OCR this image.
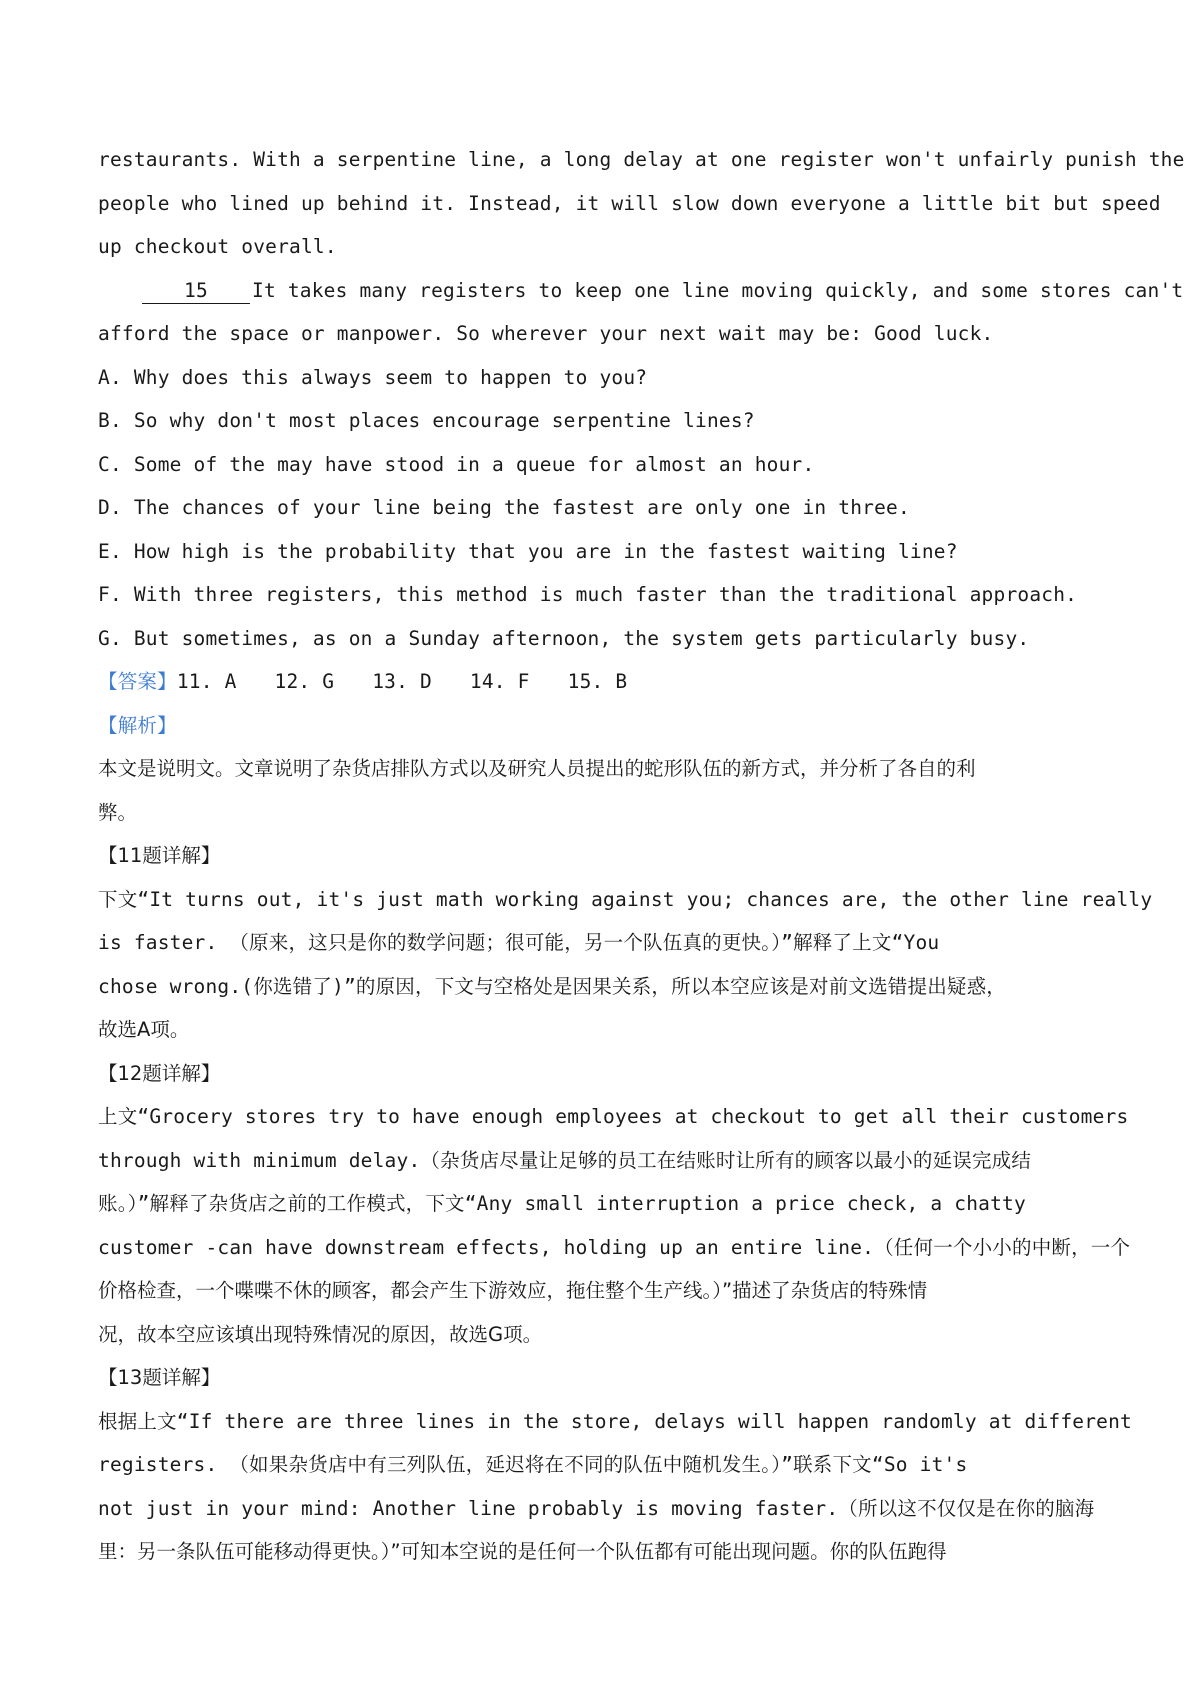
restaurants. With a serpentine line, a long delay at one register won't unfairly punish the
people who lined up behind it. Instead, it will slow down everyone a little bit but speed
up checkout overall.
15 It takes many registers to keep one line moving quickly, and some stores can't
afford the space or manpower. So wherever your next wait may be: Good luck.
A. Why does this always seem to happen to you?
B. So why don't most places encourage serpentine lines?
C. Some of the may have stood in a queue for almost an hour.
D. The chances of your line being the fastest are only one in three.
E. How high is the probability that you are in the fastest waiting line?
F. With three registers, this method is much faster than the traditional approach.
G. But sometimes, as on a Sunday afternoon, the system gets particularly busy.
【答案】11. A 12. G 13. D 14. F 15. B
【解析】
本文是说明文。文章说明了杂货店排队方式以及研究人员提出的蛇形队伍的新方式，并分析了各自的利
弊。
【11题详解】
下文“It turns out, it's just math working against you; chances are, the other line really
is faster. （原来，这只是你的数学问题；很可能，另一个队伍真的更快。）”解释了上文“You
chose wrong.(你选错了)”的原因，下文与空格处是因果关系，所以本空应该是对前文选错提出疑惑，
故选A项。
【12题详解】
上文“Grocery stores try to have enough employees at checkout to get all their customers
through with minimum delay.（杂货店尽量让足够的员工在结账时让所有的顾客以最小的延误完成结
账。）”解释了杂货店之前的工作模式，下文“Any small interruption a price check, a chatty
customer -can have downstream effects, holding up an entire line.（任何一个小小的中断，一个
价格检查，一个喋喋不休的顾客，都会产生下游效应，拖住整个生产线。）”描述了杂货店的特殊情
况，故本空应该填出现特殊情况的原因，故选G项。
【13题详解】
根据上文“If there are three lines in the store, delays will happen randomly at different
registers. （如果杂货店中有三列队伍，延迟将在不同的队伍中随机发生。）”联系下文“So it's
not just in your mind: Another line probably is moving faster.（所以这不仅仅是在你的脑海
里：另一条队伍可能移动得更快。）”可知本空说的是任何一个队伍都有可能出现问题。你的队伍跑得
